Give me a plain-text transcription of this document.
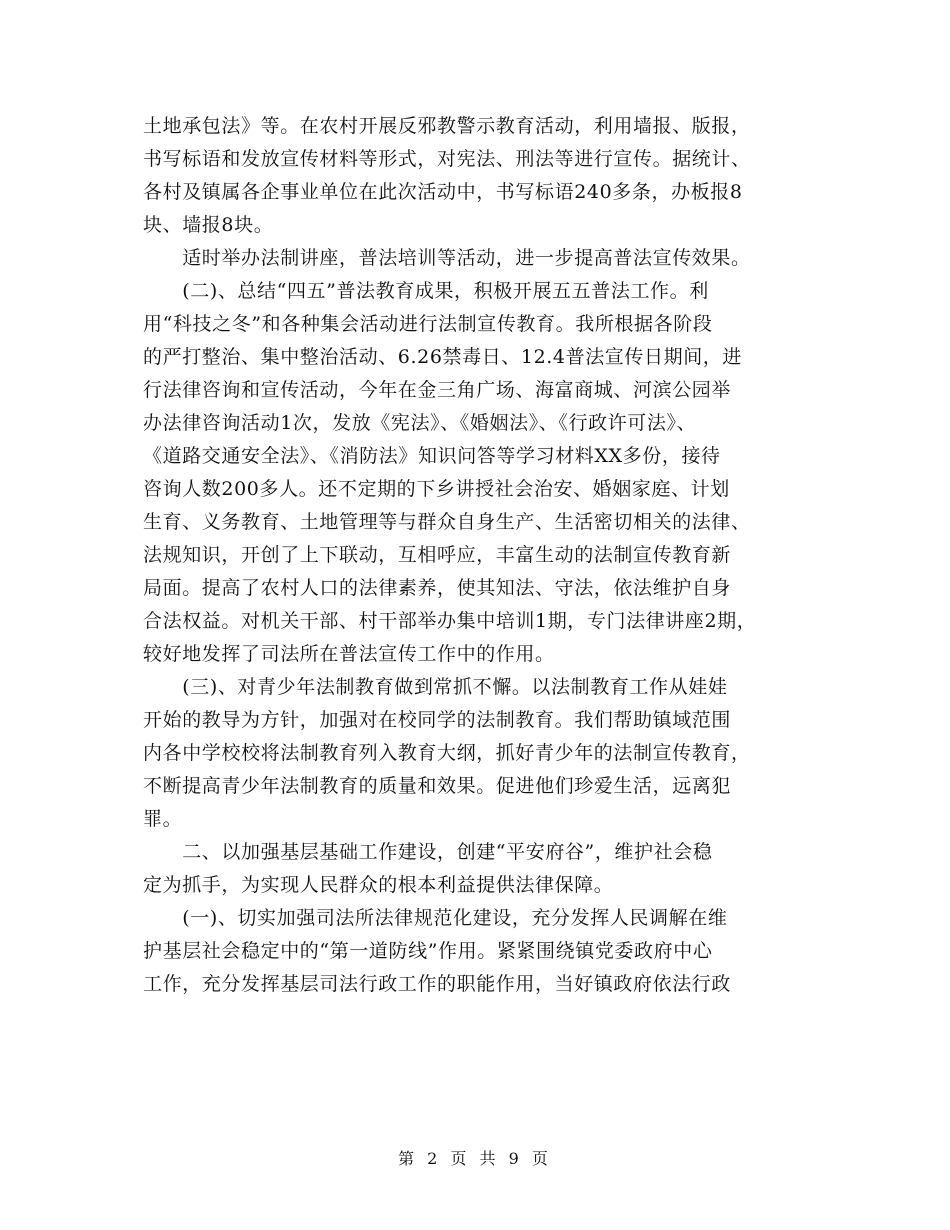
土地承包法》等。在农村开展反邪教警示教育活动，利用墙报、版报，
书写标语和发放宣传材料等形式，对宪法、刑法等进行宣传。据统计、
各村及镇属各企事业单位在此次活动中，书写标语240多条，办板报8
块、墙报8块。
　　适时举办法制讲座，普法培训等活动，进一步提高普法宣传效果。
　　(二)、总结“四五”普法教育成果，积极开展五五普法工作。利
用“科技之冬”和各种集会活动进行法制宣传教育。我所根据各阶段
的严打整治、集中整治活动、6.26禁毒日、12.4普法宣传日期间，进
行法律咨询和宣传活动，今年在金三角广场、海富商城、河滨公园举
办法律咨询活动1次，发放《宪法》、《婚姻法》、《行政许可法》、
《道路交通安全法》、《消防法》知识问答等学习材料XX多份，接待
咨询人数200多人。还不定期的下乡讲授社会治安、婚姻家庭、计划
生育、义务教育、土地管理等与群众自身生产、生活密切相关的法律、
法规知识，开创了上下联动，互相呼应，丰富生动的法制宣传教育新
局面。提高了农村人口的法律素养，使其知法、守法，依法维护自身
合法权益。对机关干部、村干部举办集中培训1期，专门法律讲座2期，
较好地发挥了司法所在普法宣传工作中的作用。
　　(三)、对青少年法制教育做到常抓不懈。以法制教育工作从娃娃
开始的教导为方针，加强对在校同学的法制教育。我们帮助镇域范围
内各中学校校将法制教育列入教育大纲，抓好青少年的法制宣传教育，
不断提高青少年法制教育的质量和效果。促进他们珍爱生活，远离犯
罪。
　　二、以加强基层基础工作建设，创建“平安府谷”，维护社会稳
定为抓手，为实现人民群众的根本利益提供法律保障。
　　(一)、切实加强司法所法律规范化建设，充分发挥人民调解在维
护基层社会稳定中的“第一道防线”作用。紧紧围绕镇党委政府中心
工作，充分发挥基层司法行政工作的职能作用，当好镇政府依法行政
第 2 页 共 9 页
